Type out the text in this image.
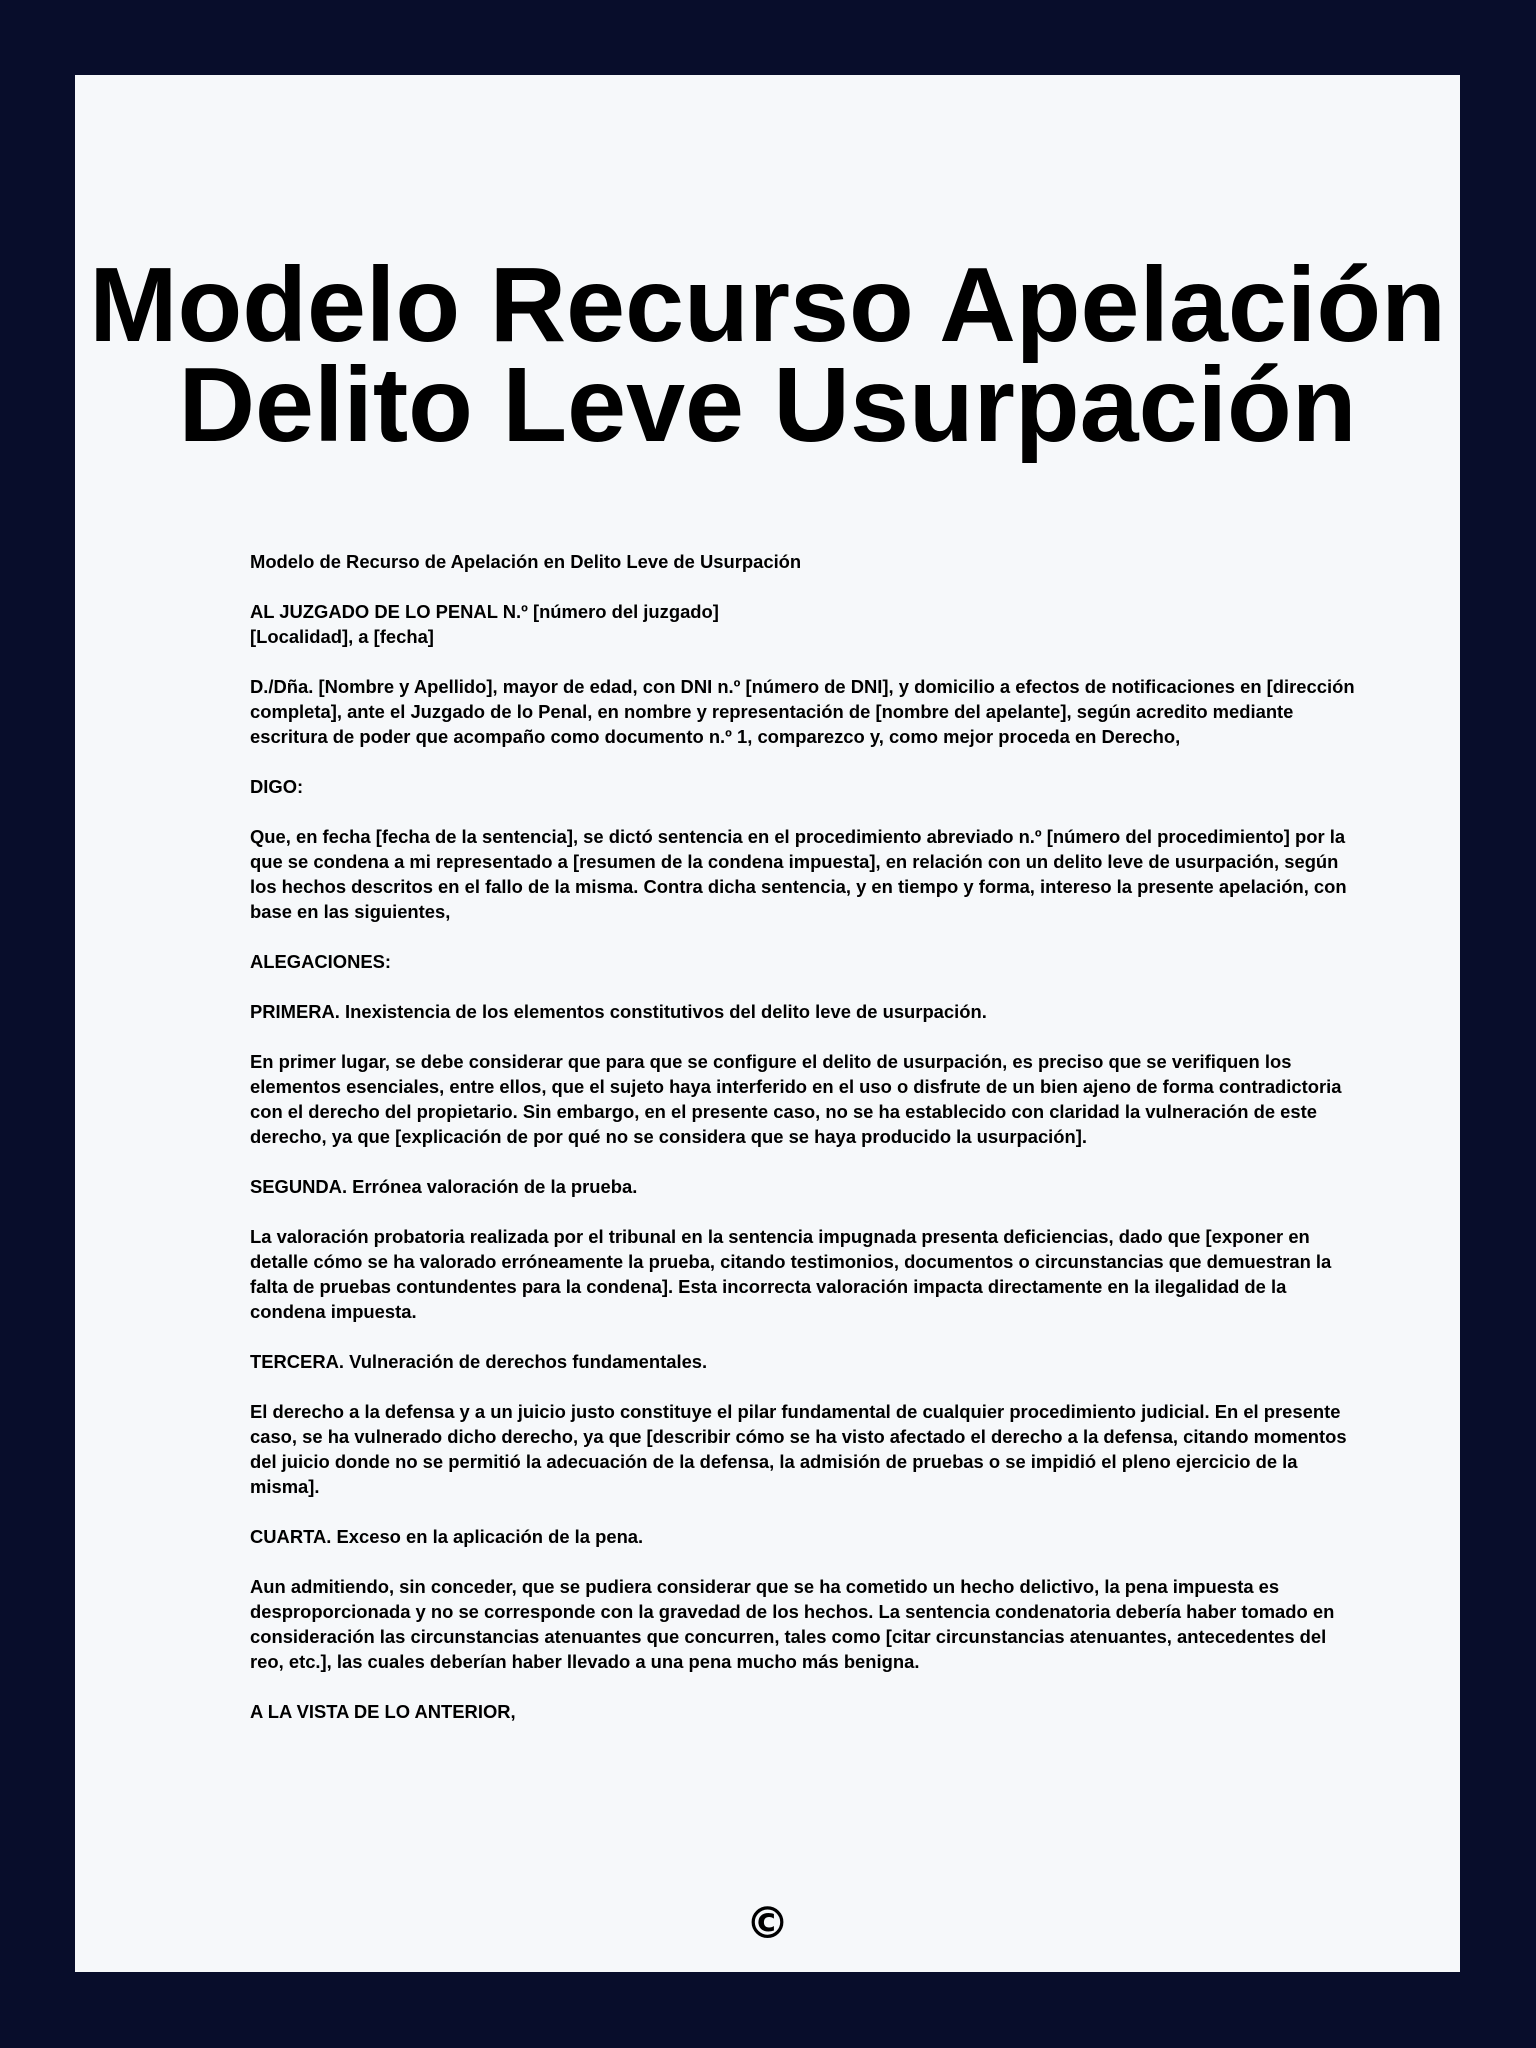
Modelo Recurso Apelación
Delito Leve Usurpación

Modelo de Recurso de Apelación en Delito Leve de Usurpación

AL JUZGADO DE LO PENAL N.º [número del juzgado]

[Localidad], a [fecha]

D./Dña. [Nombre y Apellido], mayor de edad, con DNI n.º [número de DNI], y domicilio a efectos de notificaciones en [dirección completa], ante el Juzgado de lo Penal, en nombre y representación de [nombre del apelante], según acredito mediante escritura de poder que acompaño como documento n.º 1, comparezco y, como mejor proceda en Derecho,

DIGO:

Que, en fecha [fecha de la sentencia], se dictó sentencia en el procedimiento abreviado n.º [número del procedimiento] por la que se condena a mi representado a [resumen de la condena impuesta], en relación con un delito leve de usurpación, según los hechos descritos en el fallo de la misma. Contra dicha sentencia, y en tiempo y forma, intereso la presente apelación, con base en las siguientes,

ALEGACIONES:

PRIMERA. Inexistencia de los elementos constitutivos del delito leve de usurpación.

En primer lugar, se debe considerar que para que se configure el delito de usurpación, es preciso que se verifiquen los elementos esenciales, entre ellos, que el sujeto haya interferido en el uso o disfrute de un bien ajeno de forma contradictoria con el derecho del propietario. Sin embargo, en el presente caso, no se ha establecido con claridad la vulneración de este derecho, ya que [explicación de por qué no se considera que se haya producido la usurpación].

SEGUNDA. Errónea valoración de la prueba.

La valoración probatoria realizada por el tribunal en la sentencia impugnada presenta deficiencias, dado que [exponer en detalle cómo se ha valorado erróneamente la prueba, citando testimonios, documentos o circunstancias que demuestran la falta de pruebas contundentes para la condena]. Esta incorrecta valoración impacta directamente en la ilegalidad de la condena impuesta.

TERCERA. Vulneración de derechos fundamentales.

El derecho a la defensa y a un juicio justo constituye el pilar fundamental de cualquier procedimiento judicial. En el presente caso, se ha vulnerado dicho derecho, ya que [describir cómo se ha visto afectado el derecho a la defensa, citando momentos del juicio donde no se permitió la adecuación de la defensa, la admisión de pruebas o se impidió el pleno ejercicio de la misma].

CUARTA. Exceso en la aplicación de la pena.

Aun admitiendo, sin conceder, que se pudiera considerar que se ha cometido un hecho delictivo, la pena impuesta es desproporcionada y no se corresponde con la gravedad de los hechos. La sentencia condenatoria debería haber tomado en consideración las circunstancias atenuantes que concurren, tales como [citar circunstancias atenuantes, antecedentes del reo, etc.], las cuales deberían haber llevado a una pena mucho más benigna.

A LA VISTA DE LO ANTERIOR,

©
